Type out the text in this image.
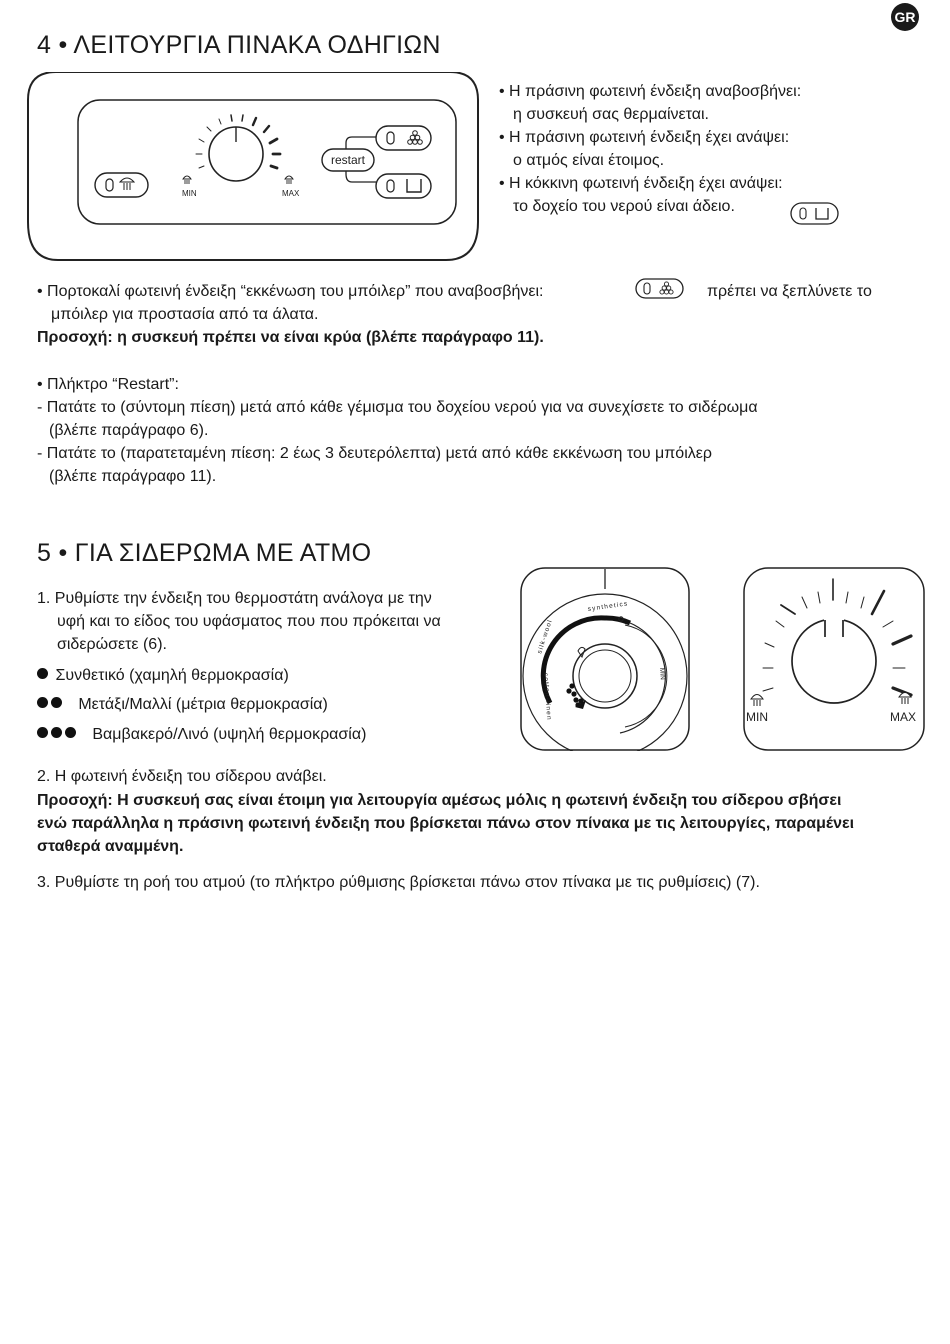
GR
4 • ΛΕΙΤΟΥΡΓΙΑ ΠΙΝΑΚΑ ΟΔΗΓΙΩΝ
MIN	MAX
restart

• Η πράσινη φωτεινή ένδειξη αναβοσβήνει:

η συσκευή σας θερμαίνεται.

• Η πράσινη φωτεινή ένδειξη έχει ανάψει:

ο ατμός είναι έτοιμος.

• Η κόκκινη φωτεινή ένδειξη έχει ανάψει:

το δοχείο του νερού είναι άδειο.

• Πορτοκαλί φωτεινή ένδειξη “εκκένωση του μπόιλερ” που αναβοσβήνει:	πρέπει να ξεπλύνετε το

μπόιλερ για προστασία από τα άλατα.

Προσοχή: η συσκευή πρέπει να είναι κρύα (βλέπε παράγραφο 11).

• Πλήκτρο “Restart”:

- Πατάτε το (σύντομη πίεση) μετά από κάθε γέμισμα του δοχείου νερού για να συνεχίσετε το σιδέρωμα

(βλέπε παράγραφο 6).

- Πατάτε το (παρατεταμένη πίεση: 2 έως 3 δευτερόλεπτα) μετά από κάθε εκκένωση του μπόιλερ

(βλέπε παράγραφο 11).

5 • ΓΙΑ ΣΙΔΕΡΩΜΑ ΜΕ ΑΤΜΟ

1. Ρυθμίστε την ένδειξη του θερμοστάτη ανάλογα με την

υφή και το είδος του υφάσματος που που πρόκειται να

σιδερώσετε (6).

Συνθετικό (χαμηλή θερμοκρασία)

Μετάξι/Μαλλί (μέτρια θερμοκρασία)

Βαμβακερό/Λινό (υψηλή θερμοκρασία)

synthetics
silk-wool
cotton-linen	MIN
MIN	MAX

2. Η φωτεινή ένδειξη του σίδερου ανάβει.

Προσοχή: Η συσκευή σας είναι έτοιμη για λειτουργία αμέσως μόλις η φωτεινή ένδειξη του σίδερου σβήσει

ενώ παράλληλα η πράσινη φωτεινή ένδειξη που βρίσκεται πάνω στον πίνακα με τις λειτουργίες, παραμένει

σταθερά αναμμένη.

3. Ρυθμίστε τη ροή του ατμού (το πλήκτρο ρύθμισης βρίσκεται πάνω στον πίνακα με τις ρυθμίσεις) (7).
